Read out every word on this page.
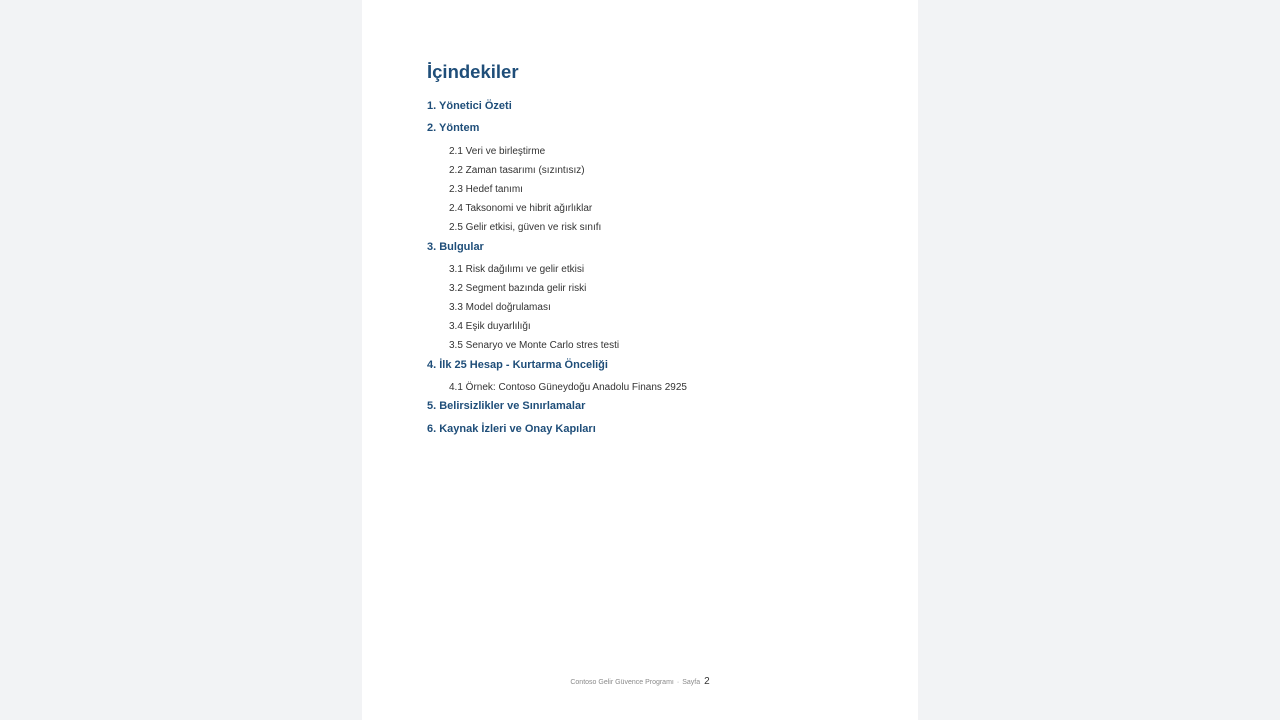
İçindekiler
1. Yönetici Özeti
2. Yöntem
2.1 Veri ve birleştirme
2.2 Zaman tasarımı (sızıntısız)
2.3 Hedef tanımı
2.4 Taksonomi ve hibrit ağırlıklar
2.5 Gelir etkisi, güven ve risk sınıfı
3. Bulgular
3.1 Risk dağılımı ve gelir etkisi
3.2 Segment bazında gelir riski
3.3 Model doğrulaması
3.4 Eşik duyarlılığı
3.5 Senaryo ve Monte Carlo stres testi
4. İlk 25 Hesap - Kurtarma Önceliği
4.1 Örnek: Contoso Güneydoğu Anadolu Finans 2925
5. Belirsizlikler ve Sınırlamalar
6. Kaynak İzleri ve Onay Kapıları
Contoso Gelir Güvence Programı · Sayfa 2
